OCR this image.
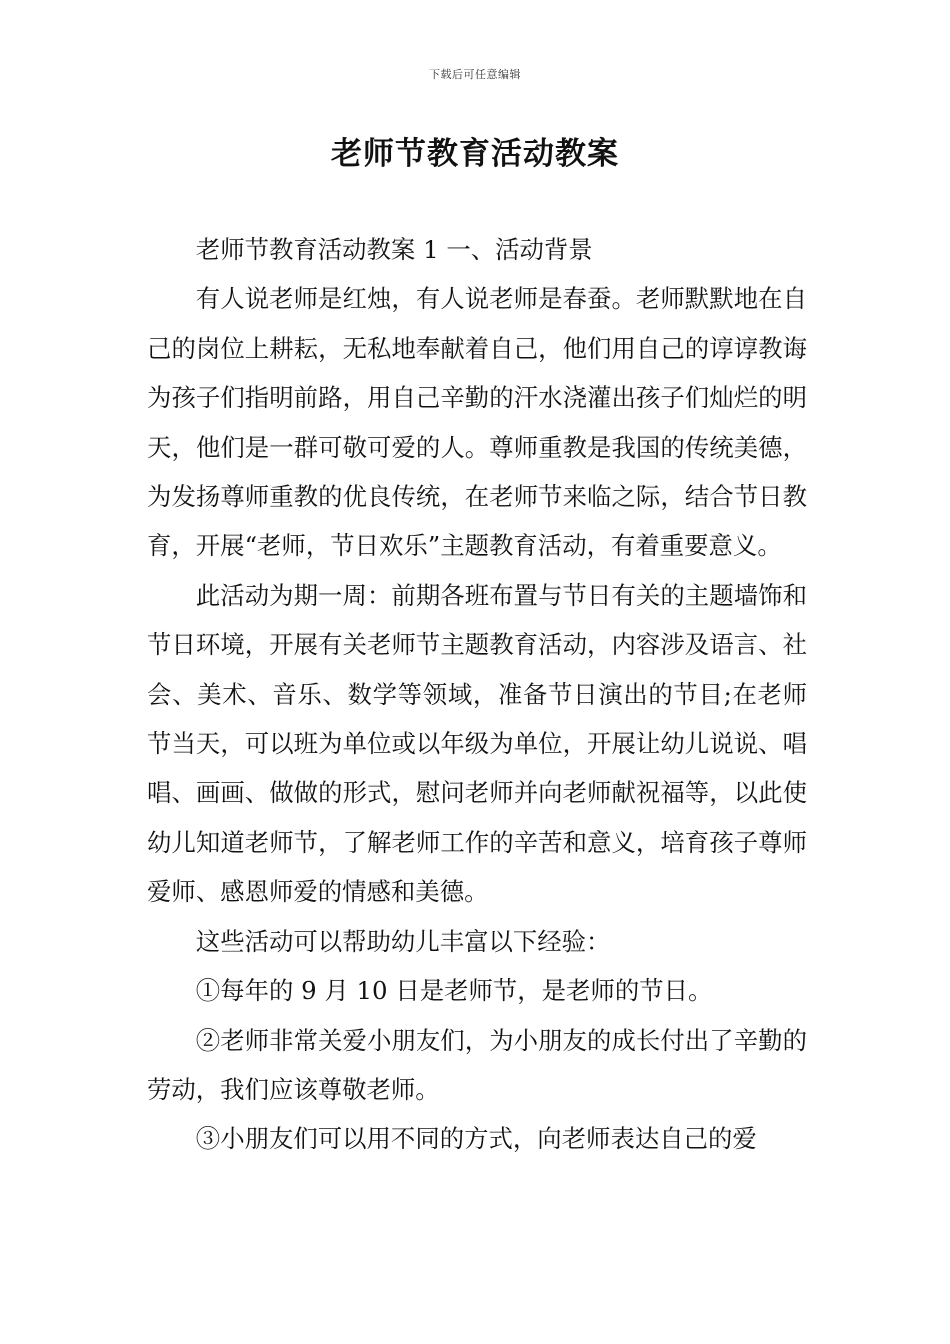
下载后可任意编辑
老师节教育活动教案

老师节教育活动教案 1 一、活动背景

有人说老师是红烛，有人说老师是春蚕。老师默默地在自己的岗位上耕耘，无私地奉献着自己，他们用自己的谆谆教诲为孩子们指明前路，用自己辛勤的汗水浇灌出孩子们灿烂的明天，他们是一群可敬可爱的人。尊师重教是我国的传统美德，为发扬尊师重教的优良传统，在老师节来临之际，结合节日教育，开展“老师，节日欢乐”主题教育活动，有着重要意义。

此活动为期一周：前期各班布置与节日有关的主题墙饰和节日环境，开展有关老师节主题教育活动，内容涉及语言、社会、美术、音乐、数学等领域，准备节日演出的节目;在老师节当天，可以班为单位或以年级为单位，开展让幼儿说说、唱唱、画画、做做的形式，慰问老师并向老师献祝福等，以此使幼儿知道老师节，了解老师工作的辛苦和意义，培育孩子尊师爱师、感恩师爱的情感和美德。

这些活动可以帮助幼儿丰富以下经验：

①每年的 9 月 10 日是老师节，是老师的节日。

②老师非常关爱小朋友们，为小朋友的成长付出了辛勤的劳动，我们应该尊敬老师。

③小朋友们可以用不同的方式，向老师表达自己的爱
